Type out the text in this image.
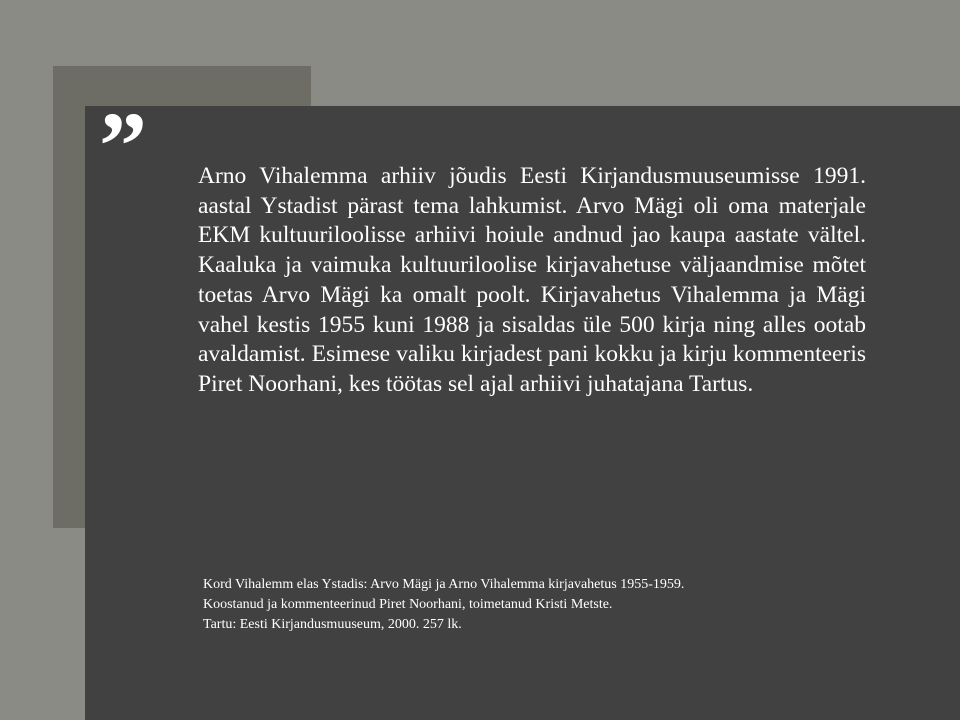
” Arno Vihalemma arhiiv jõudis Eesti Kirjandusmuuseumisse 1991. aastal Ystadist pärast tema lahkumist. Arvo Mägi oli oma materjale EKM kultuuriloolisse arhiivi hoiule andnud jao kaupa aastate vältel. Kaaluka ja vaimuka kultuuriloolise kirjavahetuse väljaandmise mõtet toetas Arvo Mägi ka omalt poolt. Kirjavahetus Vihalemma ja Mägi vahel kestis 1955 kuni 1988 ja sisaldas üle 500 kirja ning alles ootab avaldamist. Esimese valiku kirjadest pani kokku ja kirju kommenteeris Piret Noorhani, kes töötas sel ajal arhiivi juhatajana Tartus.

Kord Vihalemm elas Ystadis: Arvo Mägi ja Arno Vihalemma kirjavahetus 1955-1959.
Koostanud ja kommenteerinud Piret Noorhani, toimetanud Kristi Metste.
Tartu: Eesti Kirjandusmuuseum, 2000. 257 lk.
